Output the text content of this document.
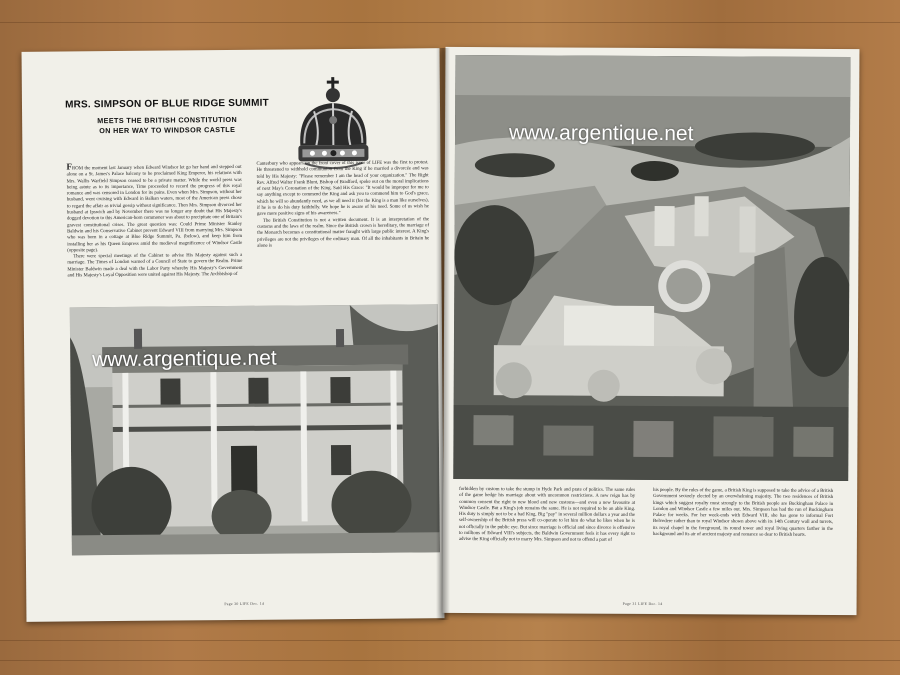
MRS. SIMPSON OF BLUE RIDGE SUMMIT
MEETS THE BRITISH CONSTITUTION
ON HER WAY TO WINDSOR CASTLE
FROM the moment last January when Edward Windsor let go her hand and stepped out alone on a St. James's Palace balcony to be proclaimed King Emperor, his relations with Mrs. Wallis Warfield Simpson ceased to be a private matter. While the world press was being astute as to its importance, Time proceeded to record the progress of this royal romance and was censored in London for its pains. Even when Mrs. Simpson, without her husband, went cruising with Edward in Balkan waters, most of the American press chose to regard the affair as trivial gossip without significance. Then Mrs. Simpson divorced her husband at Ipswich and by November there was no longer any doubt that His Majesty's dogged devotion to this American-born commoner was about to precipitate one of Britain's gravest constitutional crises. The great question was: Could Prime Minister Stanley Baldwin and his Conservative Cabinet prevent Edward VIII from marrying Mrs. Simpson who was born in a cottage at Blue Ridge Summit, Pa. (below), and keep him from installing her as his Queen Empress amid the medieval magnificence of Windsor Castle (opposite page).
There were special meetings of the Cabinet to advise His Majesty against such a marriage. The Times of London warned of a Council of State to govern the Realm. Prime Minister Baldwin made a deal with the Labor Party whereby His Majesty's Government and His Majesty's Loyal Opposition were united against His Majesty. The Archbishop of
Canterbury who appears on the front cover of this issue of LIFE was the first to protest. He threatened to withhold communion from the King if he married a divorcée and was told by His Majesty: "Please remember I am the head of your organization." The Right Rev. Alfred Walter Frank Blunt, Bishop of Bradford, spoke out on the moral implications of next May's Coronation of the King. Said His Grace: "It would be improper for me to say anything except to commend the King and ask you to commend him to God's grace, which he will so abundantly need, as we all need it (for the King is a man like ourselves), if he is to do his duty faithfully. We hope he is aware of his need. Some of us wish he gave more positive signs of his awareness."
The British Constitution is not a written document. It is an interpretation of the customs and the laws of the realm. Since the British crown is hereditary, the marriage of the Monarch becomes a constitutional matter fraught with large public interest. A King's privileges are not the privileges of the ordinary man. Of all the inhabitants in Britain he alone is
www.argentique.net
Page 30 LIFE Dec. 14
www.argentique.net
forbidden by custom to take the stump in Hyde Park and prate of politics. The same rules of the game hedge his marriage about with uncommon restrictions. A new reign has by common consent the right to new blood and new customs—and even a new favourite at Windsor Castle. But a King's job remains the same. He is not required to be an able King. His duty is simply not to be a bad King. Big "pay" in several million dollars a year and the self-ownership of the British press will co-operate to let him do what he likes when he is not officially in the public eye. But since marriage is official and since divorce is offensive to millions of Edward VIII's subjects, the Baldwin Government feels it has every right to advise the King officially not to marry Mrs. Simpson and not to offend a part of
his people. By the rules of the game, a British King is supposed to take the advice of a British Government securely elected by an overwhelming majority. The two residences of British kings which suggest royalty most strongly to the British people are Buckingham Palace in London and Windsor Castle a few miles out. Mrs. Simpson has had the run of Buckingham Palace for weeks. For her week-ends with Edward VIII, she has gone to informal Fort Belvedere rather than to royal Windsor shown above with its 14th Century wall and turrets, its royal chapel in the foreground, its round tower and royal living quarters farther in the background and its air of ancient majesty and romance so dear to British hearts.
Page 31 LIFE Dec. 14
